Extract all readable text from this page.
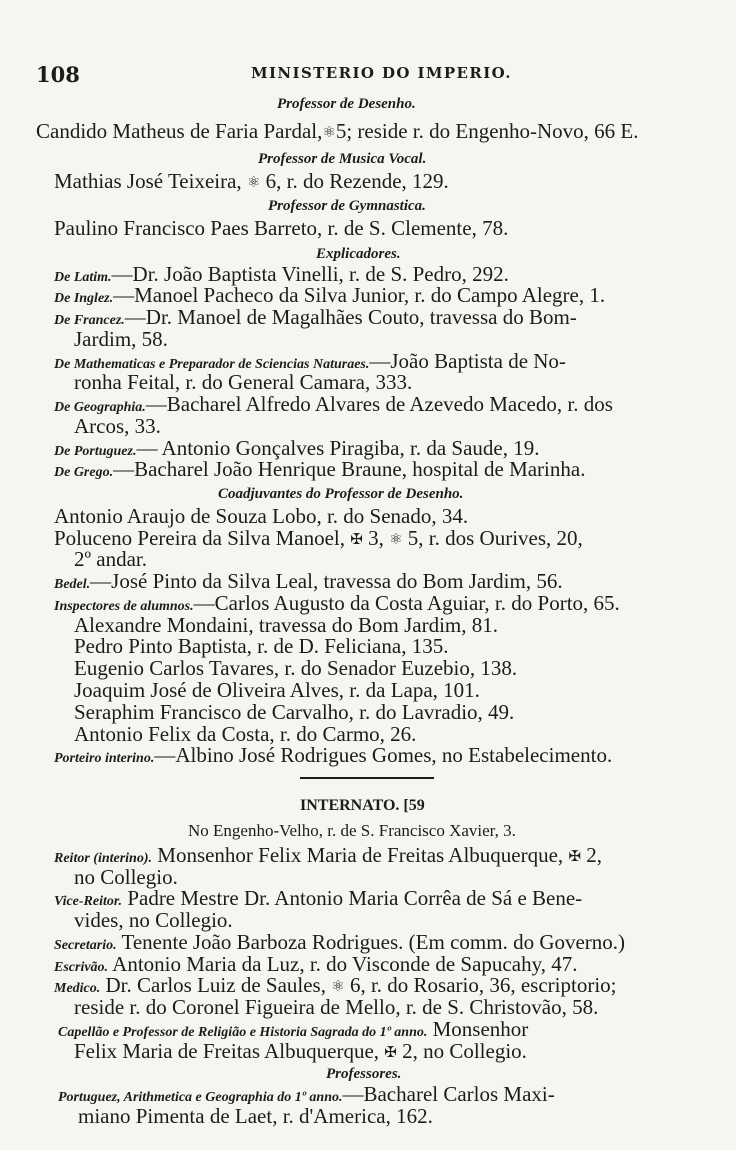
108	MINISTERIO DO IMPERIO.
Professor de Desenho.
Candido Matheus de Faria Pardal,⚛5; reside r. do Engenho-Novo, 66 E.
Professor de Musica Vocal.
Mathias José Teixeira, ⚛ 6, r. do Rezende, 129.
Professor de Gymnastica.
Paulino Francisco Paes Barreto, r. de S. Clemente, 78.
Explicadores.
De Latim.—Dr. João Baptista Vinelli, r. de S. Pedro, 292.
De Inglez.—Manoel Pacheco da Silva Junior, r. do Campo Alegre, 1.
De Francez.—Dr. Manoel de Magalhães Couto, travessa do Bom-
Jardim, 58.
De Mathematicas e Preparador de Sciencias Naturaes.—João Baptista de No-
ronha Feital, r. do General Camara, 333.
De Geographia.—Bacharel Alfredo Alvares de Azevedo Macedo, r. dos
Arcos, 33.
De Portuguez.— Antonio Gonçalves Piragiba, r. da Saude, 19.
De Grego.—Bacharel João Henrique Braune, hospital de Marinha.
Coadjuvantes do Professor de Desenho.
Antonio Araujo de Souza Lobo, r. do Senado, 34.
Poluceno Pereira da Silva Manoel, ✠ 3, ⚛ 5, r. dos Ourives, 20,
2º andar.
Bedel.—José Pinto da Silva Leal, travessa do Bom Jardim, 56.
Inspectores de alumnos.—Carlos Augusto da Costa Aguiar, r. do Porto, 65.
Alexandre Mondaini, travessa do Bom Jardim, 81.
Pedro Pinto Baptista, r. de D. Feliciana, 135.
Eugenio Carlos Tavares, r. do Senador Euzebio, 138.
Joaquim José de Oliveira Alves, r. da Lapa, 101.
Seraphim Francisco de Carvalho, r. do Lavradio, 49.
Antonio Felix da Costa, r. do Carmo, 26.
Porteiro interino.—Albino José Rodrigues Gomes, no Estabelecimento.
INTERNATO. [59
No Engenho-Velho, r. de S. Francisco Xavier, 3.
Reitor (interino). Monsenhor Felix Maria de Freitas Albuquerque, ✠ 2,
no Collegio.
Vice-Reitor. Padre Mestre Dr. Antonio Maria Corrêa de Sá e Bene-
vides, no Collegio.
Secretario. Tenente João Barboza Rodrigues. (Em comm. do Governo.)
Escrivão. Antonio Maria da Luz, r. do Visconde de Sapucahy, 47.
Medico. Dr. Carlos Luiz de Saules, ⚛ 6, r. do Rosario, 36, escriptorio;
reside r. do Coronel Figueira de Mello, r. de S. Christovão, 58.
Capellão e Professor de Religião e Historia Sagrada do 1º anno. Monsenhor
Felix Maria de Freitas Albuquerque, ✠ 2, no Collegio.
Professores.
Portuguez, Arithmetica e Geographia do 1º anno.—Bacharel Carlos Maxi-
miano Pimenta de Laet, r. d'America, 162.
